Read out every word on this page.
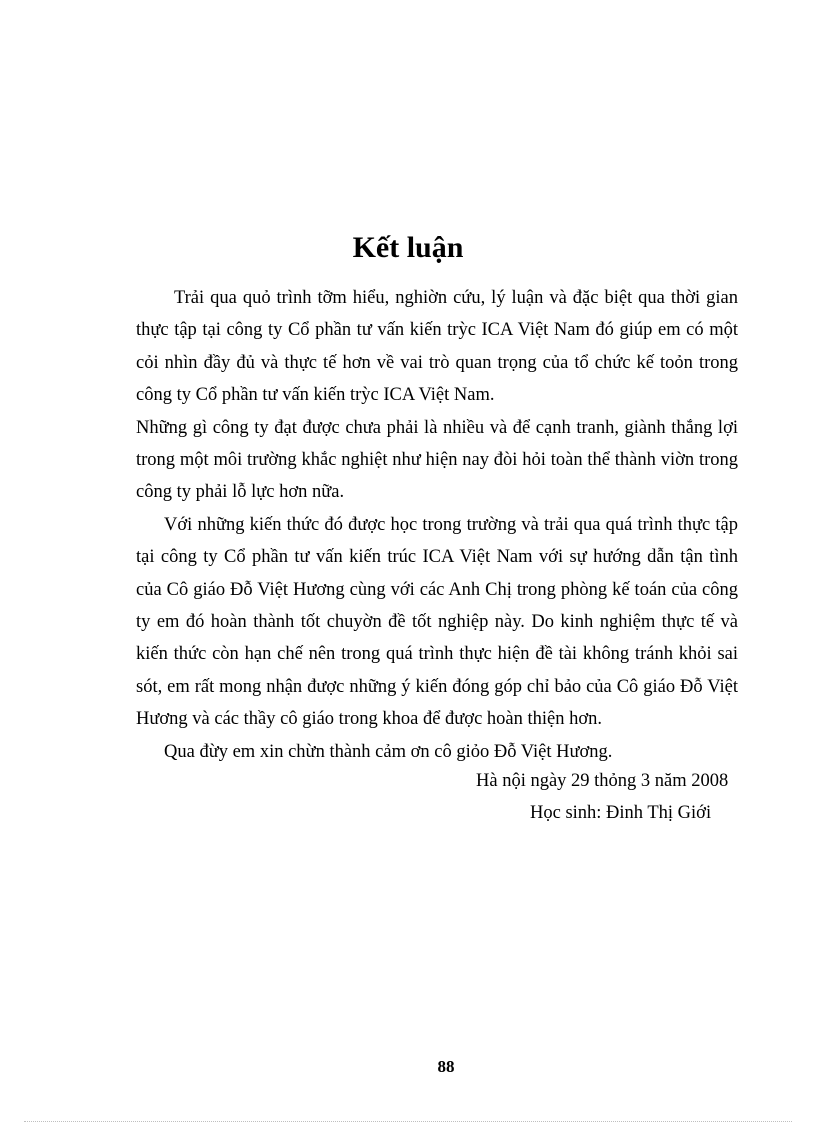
Kết luận

Trải qua quỏ trình tỡm hiểu, nghiờn cứu, lý luận và đặc biệt qua thời gian thực tập tại công ty Cổ phần tư vấn kiến trỳc ICA Việt Nam đó giúp em có một cỏi nhìn đầy đủ và thực tế hơn về vai trò quan trọng của tổ chức kế toỏn trong công ty Cổ phần tư vấn kiến trỳc ICA Việt Nam.

Những gì công ty đạt được chưa phải là nhiều và để cạnh tranh, giành thắng lợi trong một môi trường khắc nghiệt như hiện nay đòi hỏi toàn thể thành viờn trong công ty phải lỗ lực hơn nữa.

Với những kiến thức đó được học trong trường và trải qua quá trình thực tập tại công ty Cổ phần tư vấn kiến trúc ICA Việt Nam với sự hướng dẫn tận tình của Cô giáo Đỗ Việt Hương cùng với các Anh Chị trong phòng kế toán của công ty em đó hoàn thành tốt chuyờn đề tốt nghiệp này. Do kinh nghiệm thực tế và kiến thức còn hạn chế nên trong quá trình thực hiện đề tài không tránh khỏi sai sót, em rất mong nhận được những ý kiến đóng góp chỉ bảo của Cô giáo Đỗ Việt Hương và các thầy cô giáo trong khoa để được hoàn thiện hơn.

Qua đừy em xin chừn thành cảm ơn cô giỏo Đỗ Việt Hương.

Hà nội ngày 29 thỏng 3 năm 2008
Học sinh: Đinh Thị Giới
88
